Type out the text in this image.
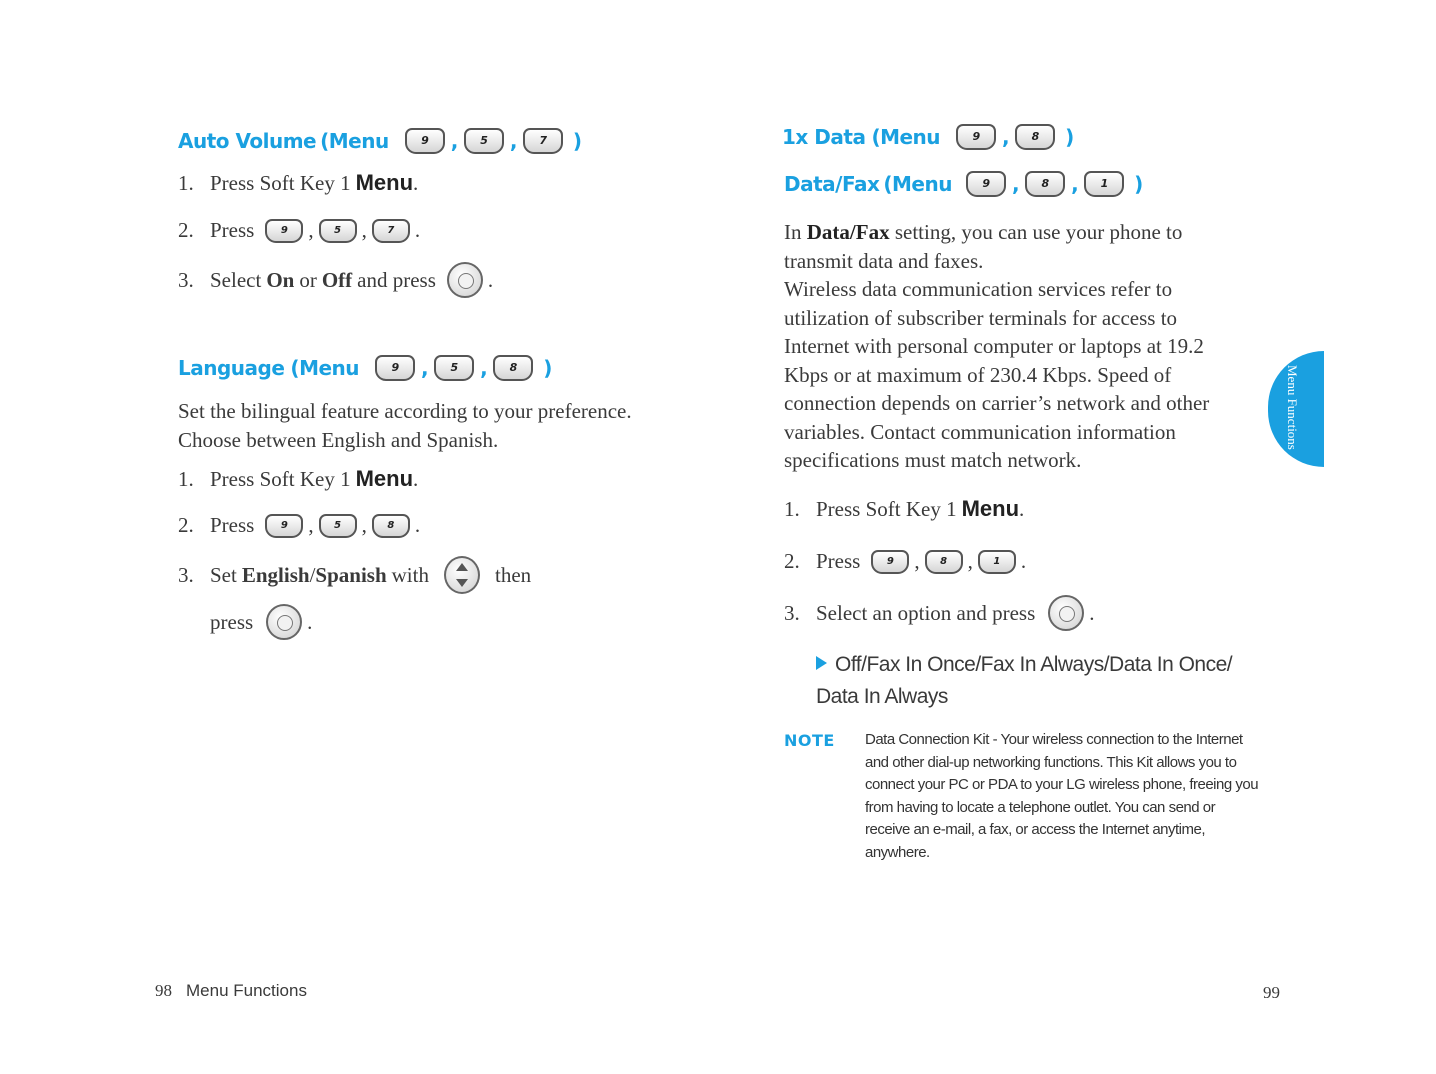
Auto Volume (Menu	9	,	5	,	7	)
1. Press Soft Key 1 Menu .
2. Press	9 ,	5 ,	7 .
3. Select On or Off and press .
Language (Menu	9	,	5	,	8	)

Set the bilingual feature according to your preference.

Choose between English and Spanish.

1. Press Soft Key 1 Menu .
2. Press	9 ,	5 ,	8 .
3. Set English / Spanish with	then
press	.
98 Menu Functions
1x Data (Menu	9	,	8	)
Data/Fax (Menu	9	,	8	,	1	)

In Data/Fax setting, you can use your phone to transmit data and faxes.

Wireless data communication services refer to utilization of subscriber terminals for access to Internet with personal computer or laptops at 19.2 Kbps or at maximum of 230.4 Kbps. Speed of connection depends on carrier’s network and other variables. Contact communication information specifications must match network.

1. Press Soft Key 1 Menu .
2. Press	9 ,	8 ,	1 .
3. Select an option and press	.
Off/Fax In Once/Fax In Always/Data In Once/ Data In Always
NOTE Data Connection Kit - Your wireless connection to the Internet and other dial-up networking functions. This Kit allows you to connect your PC or PDA to your LG wireless phone, freeing you from having to locate a telephone outlet. You can send or receive an e-mail, a fax, or access the Internet anytime, anywhere.
99
Menu Functions
